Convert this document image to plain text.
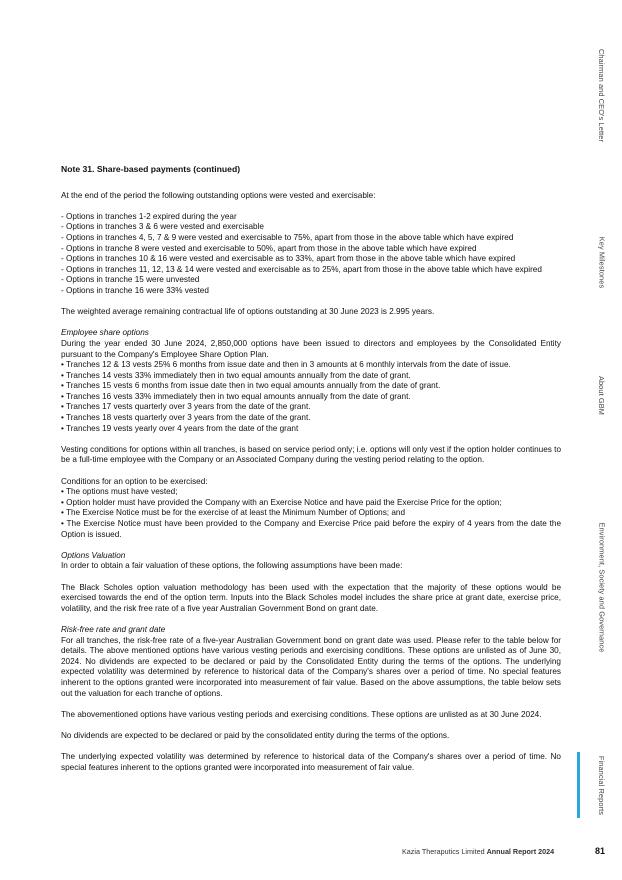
Chairman and CEO's Letter
Key Milestones
About GBM
Environment, Society and Governance
Financial Reports

Note 31. Share-based payments (continued)

At the end of the period the following outstanding options were vested and exercisable:

- Options in tranches 1-2 expired during the year

- Options in tranches 3 & 6 were vested and exercisable

- Options in tranches 4, 5, 7 & 9 were vested and exercisable to 75%, apart from those in the above table which have expired

- Options in tranche 8 were vested and exercisable to 50%, apart from those in the above table which have expired

- Options in tranches 10 & 16 were vested and exercisable as to 33%, apart from those in the above table which have expired

- Options in tranches 11, 12, 13 & 14 were vested and exercisable as to 25%, apart from those in the above table which have expired

- Options in tranche 15 were unvested

- Options in tranche 16 were 33% vested

The weighted average remaining contractual life of options outstanding at 30 June 2023 is 2.995 years.

Employee share options

During the year ended 30 June 2024, 2,850,000 options have been issued to directors and employees by the Consolidated Entity pursuant to the Company's Employee Share Option Plan.

• Tranches 12 & 13 vests 25% 6 months from issue date and then in 3 amounts at 6 monthly intervals from the date of issue.

• Tranches 14 vests 33% immediately then in two equal amounts annually from the date of grant.

• Tranches 15 vests 6 months from issue date then in two equal amounts annually from the date of grant.

• Tranches 16 vests 33% immediately then in two equal amounts annually from the date of grant.

• Tranches 17 vests quarterly over 3 years from the date of the grant.

• Tranches 18 vests quarterly over 3 years from the date of the grant.

• Tranches 19 vests yearly over 4 years from the date of the grant

Vesting conditions for options within all tranches, is based on service period only; i.e. options will only vest if the option holder continues to be a full-time employee with the Company or an Associated Company during the vesting period relating to the option.

Conditions for an option to be exercised:

• The options must have vested;

• Option holder must have provided the Company with an Exercise Notice and have paid the Exercise Price for the option;

• The Exercise Notice must be for the exercise of at least the Minimum Number of Options; and

• The Exercise Notice must have been provided to the Company and Exercise Price paid before the expiry of 4 years from the date the Option is issued.

Options Valuation

In order to obtain a fair valuation of these options, the following assumptions have been made:

The Black Scholes option valuation methodology has been used with the expectation that the majority of these options would be exercised towards the end of the option term. Inputs into the Black Scholes model includes the share price at grant date, exercise price, volatility, and the risk free rate of a five year Australian Government Bond on grant date.

Risk-free rate and grant date

For all tranches, the risk-free rate of a five-year Australian Government bond on grant date was used. Please refer to the table below for details. The above mentioned options have various vesting periods and exercising conditions. These options are unlisted as of June 30, 2024. No dividends are expected to be declared or paid by the Consolidated Entity during the terms of the options. The underlying expected volatility was determined by reference to historical data of the Company's shares over a period of time. No special features inherent to the options granted were incorporated into measurement of fair value. Based on the above assumptions, the table below sets out the valuation for each tranche of options.

The abovementioned options have various vesting periods and exercising conditions. These options are unlisted as at 30 June 2024.

No dividends are expected to be declared or paid by the consolidated entity during the terms of the options.

The underlying expected volatility was determined by reference to historical data of the Company's shares over a period of time. No special features inherent to the options granted were incorporated into measurement of fair value.

Kazia Theraputics Limited Annual Report 2024	81
